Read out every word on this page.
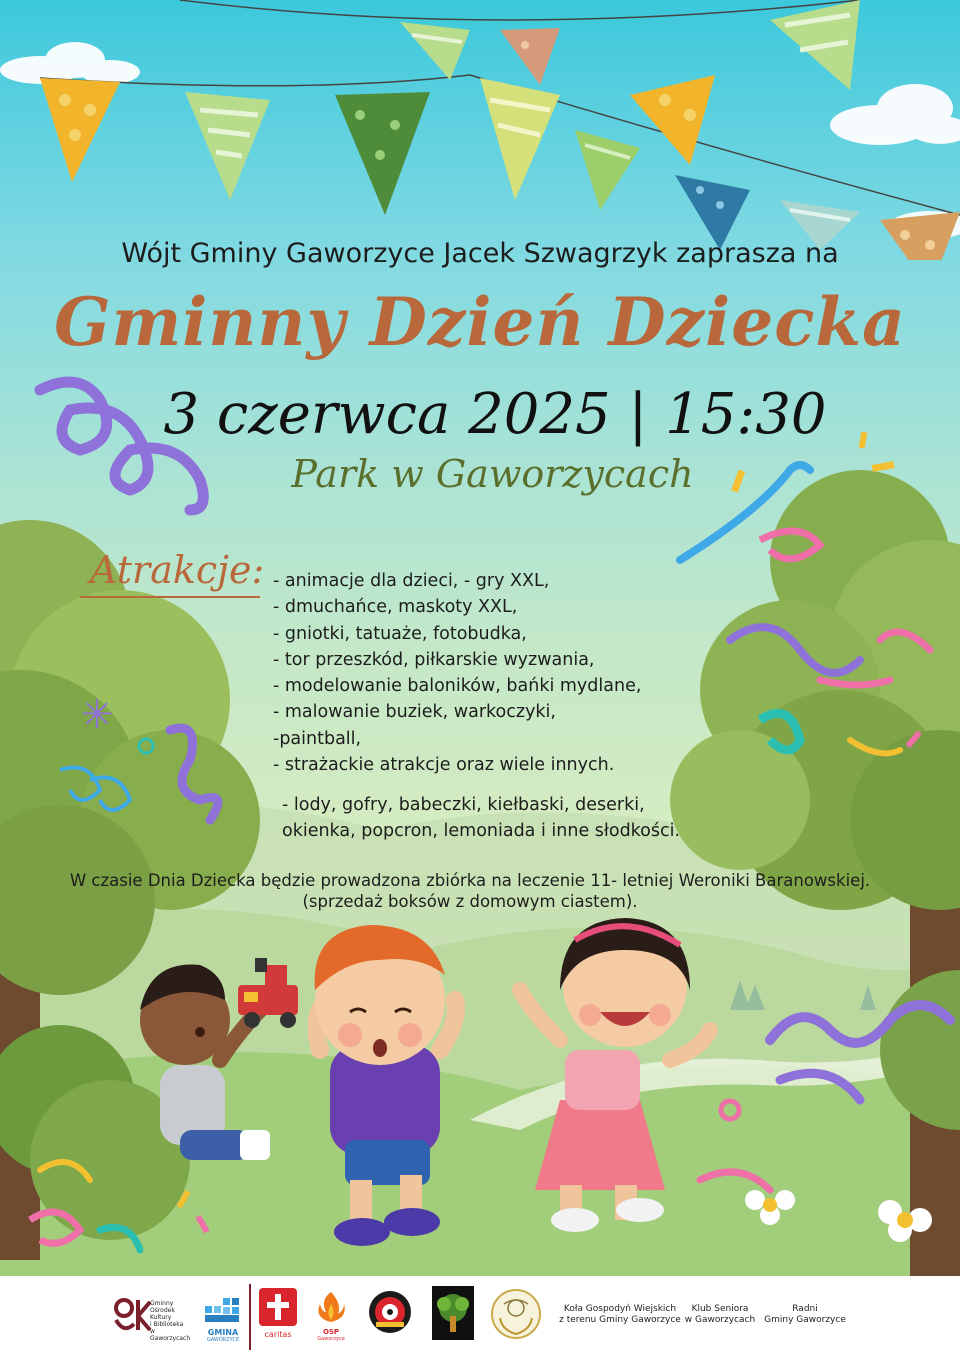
✳

Wójt Gminy Gaworzyce Jacek Szwagrzyk zaprasza na

Gminny Dzień Dziecka

3 czerwca 2025 | 15:30

Park w Gaworzycach

Atrakcje: - animacje dla dzieci, - gry XXL,
- dmuchańce, maskoty XXL,
- gniotki, tatuaże, fotobudka,
- tor przeszkód, piłkarskie wyzwania,
- modelowanie baloników, bańki mydlane,
- malowanie buziek, warkoczyki,
-paintball,
- strażackie atrakcje oraz wiele innych.
- lody, gofry, babeczki, kiełbaski, deserki,
okienka, popcron, lemoniada i inne słodkości.
W czasie Dnia Dziecka będzie prowadzona zbiórka na leczenie 11- letniej Weroniki Baranowskiej.
(sprzedaż boksów z domowym ciastem).
Gminny
Ośrodek
Kultury
i Biblioteka
w Gaworzycach
GMINA
GAWORZYCE
caritas	OSP
Gaworzyce
Koła Gospodyń Wiejskich
z terenu Gminy Gaworzyce
Klub Seniora
w Gaworzycach
Radni
Gminy Gaworzyce
